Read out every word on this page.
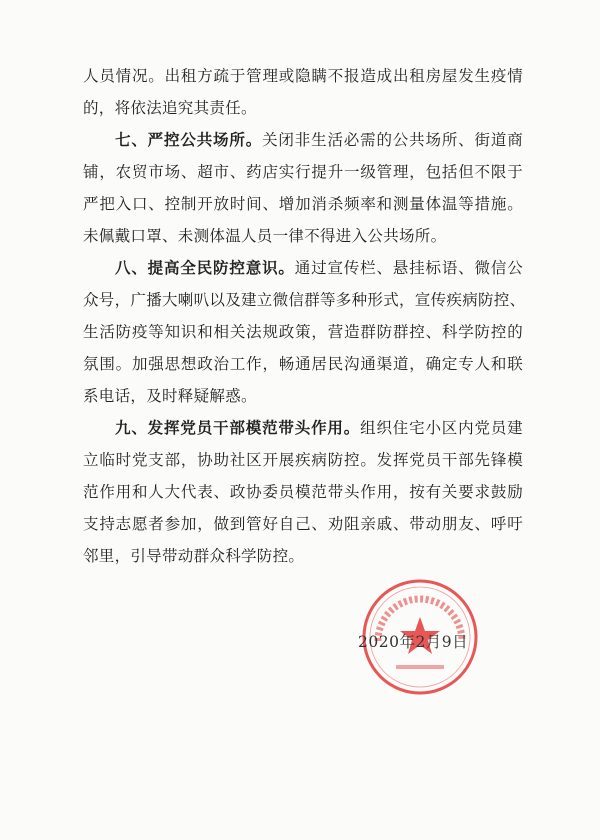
人员情况。出租方疏于管理或隐瞒不报造成出租房屋发生疫情
的，将依法追究其责任。
七、严控公共场所。关闭非生活必需的公共场所、街道商
铺，农贸市场、超市、药店实行提升一级管理，包括但不限于
严把入口、控制开放时间、增加消杀频率和测量体温等措施。
未佩戴口罩、未测体温人员一律不得进入公共场所。
八、提高全民防控意识。通过宣传栏、悬挂标语、微信公
众号，广播大喇叭以及建立微信群等多种形式，宣传疾病防控、
生活防疫等知识和相关法规政策，营造群防群控、科学防控的
氛围。加强思想政治工作，畅通居民沟通渠道，确定专人和联
系电话，及时释疑解惑。
九、发挥党员干部模范带头作用。组织住宅小区内党员建
立临时党支部，协助社区开展疾病防控。发挥党员干部先锋模
范作用和人大代表、政协委员模范带头作用，按有关要求鼓励
支持志愿者参加，做到管好自己、劝阻亲戚、带动朋友、呼吁
邻里，引导带动群众科学防控。
2020年2月9日
